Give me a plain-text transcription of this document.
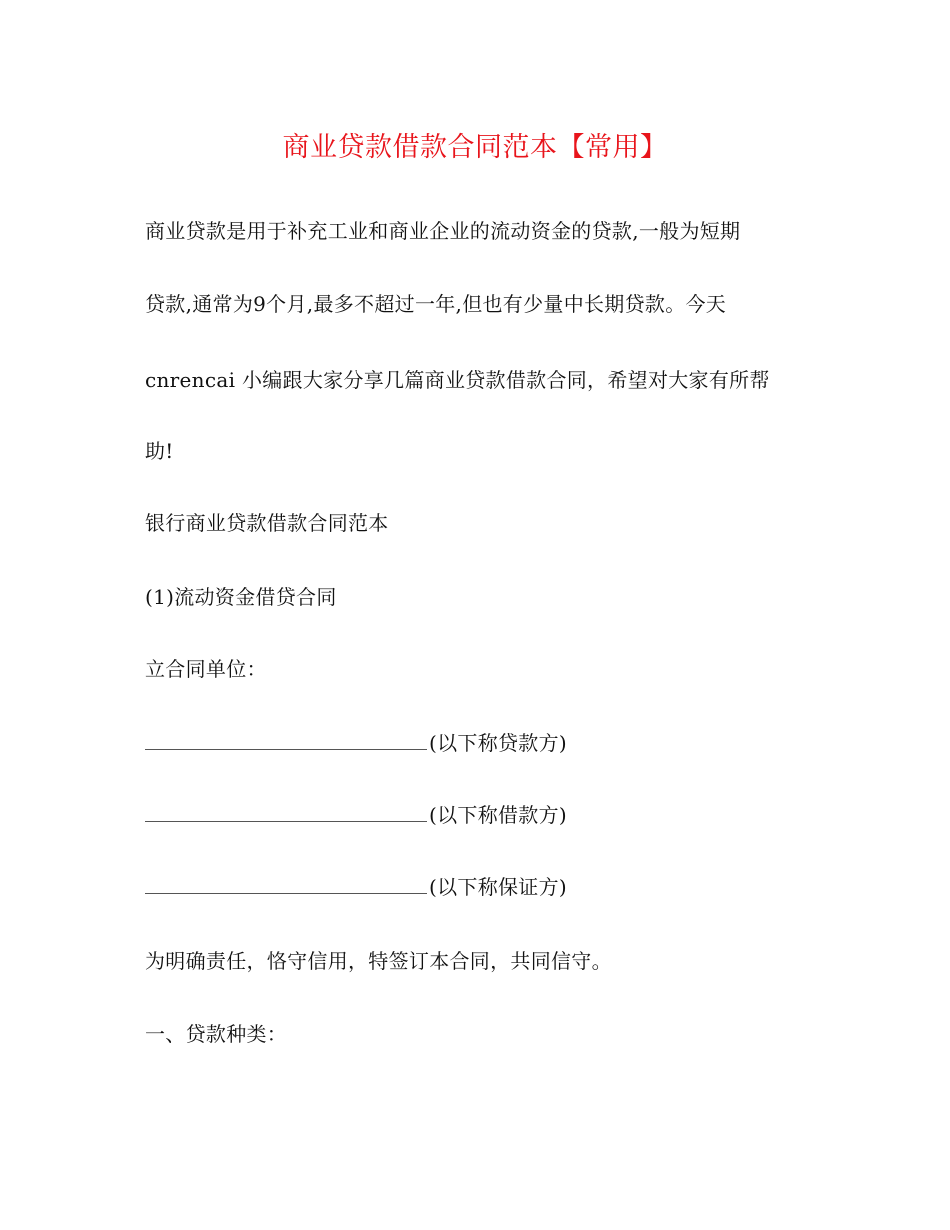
商业贷款借款合同范本【常用】
商业贷款是用于补充工业和商业企业的流动资金的贷款,一般为短期
贷款,通常为9个月,最多不超过一年,但也有少量中长期贷款。今天
cnrencai 小编跟大家分享几篇商业贷款借款合同，希望对大家有所帮
助!
银行商业贷款借款合同范本
(1)流动资金借贷合同
立合同单位：
(以下称贷款方)
(以下称借款方)
(以下称保证方)
为明确责任，恪守信用，特签订本合同，共同信守。
一、贷款种类：
